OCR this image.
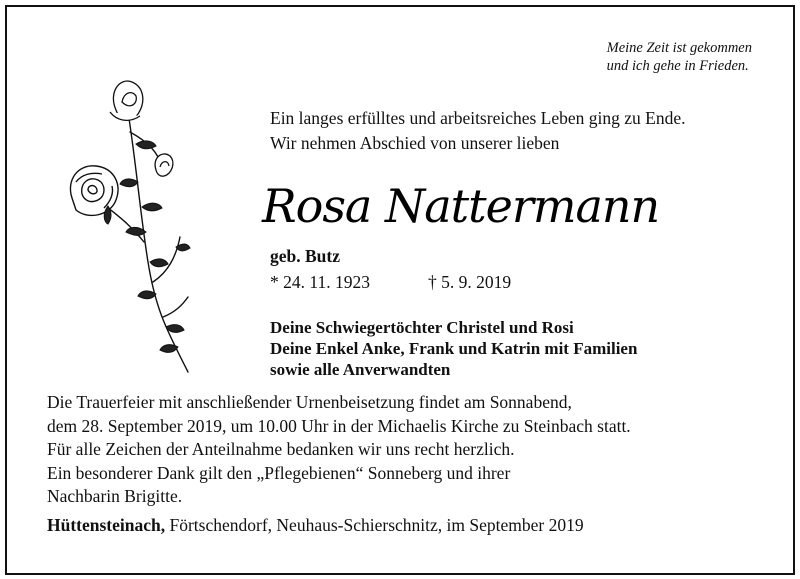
Meine Zeit ist gekommen
und ich gehe in Frieden.
Ein langes erfülltes und arbeitsreiches Leben ging zu Ende.
Wir nehmen Abschied von unserer lieben
Rosa Nattermann
geb. Butz
* 24. 11. 1923	† 5. 9. 2019
Deine Schwiegertöchter Christel und Rosi
Deine Enkel Anke, Frank und Katrin mit Familien
sowie alle Anverwandten
Die Trauerfeier mit anschließender Urnenbeisetzung findet am Sonnabend,
dem 28. September 2019, um 10.00 Uhr in der Michaelis Kirche zu Steinbach statt.
Für alle Zeichen der Anteilnahme bedanken wir uns recht herzlich.
Ein besonderer Dank gilt den „Pflegebienen“ Sonneberg und ihrer
Nachbarin Brigitte.
Hüttensteinach, Förtschendorf, Neuhaus-Schierschnitz, im September 2019
